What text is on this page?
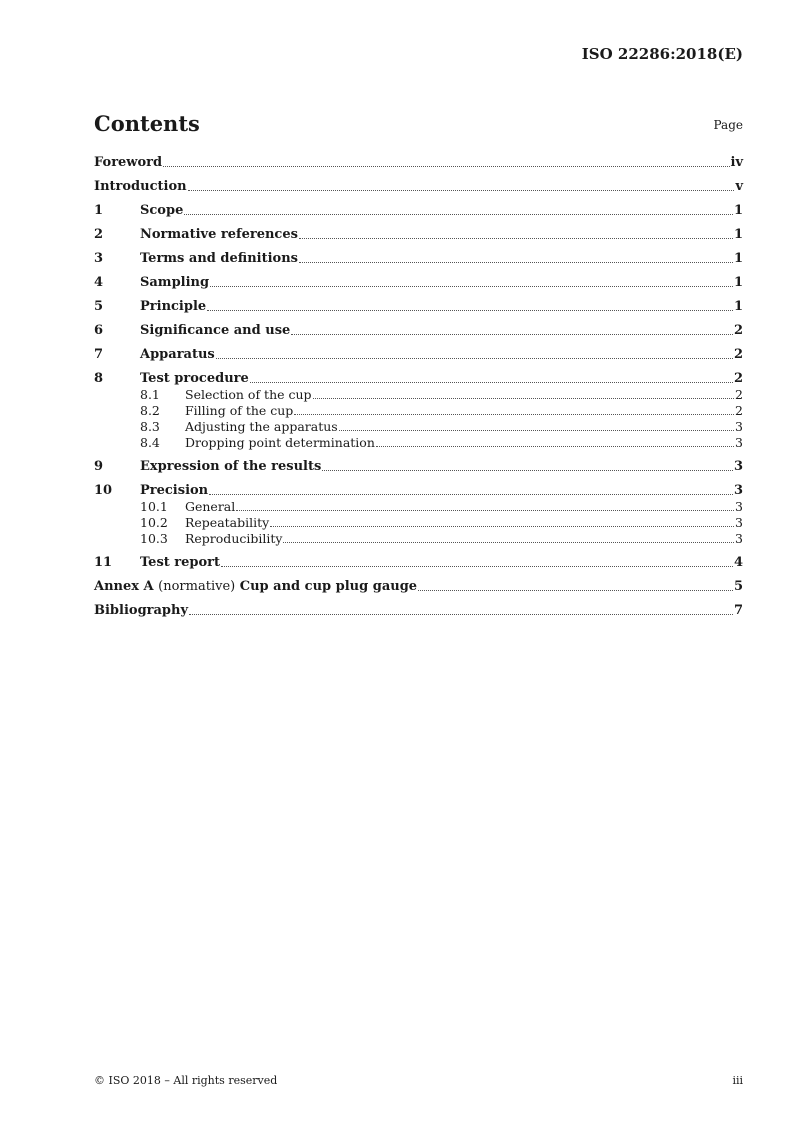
ISO 22286:2018(E)
Contents	Page
Foreword	iv
Introduction	v
1	Scope	1
2	Normative references	1
3	Terms and definitions	1
4	Sampling	1
5	Principle	1
6	Significance and use	2
7	Apparatus	2
8	Test procedure	2
8.1	Selection of the cup	2
8.2	Filling of the cup	2
8.3	Adjusting the apparatus	3
8.4	Dropping point determination	3
9	Expression of the results	3
10	Precision	3
10.1	General	3
10.2	Repeatability	3
10.3	Reproducibility	3
11	Test report	4
Annex A (normative) Cup and cup plug gauge	5
Bibliography	7
© ISO 2018 – All rights reserved	iii
